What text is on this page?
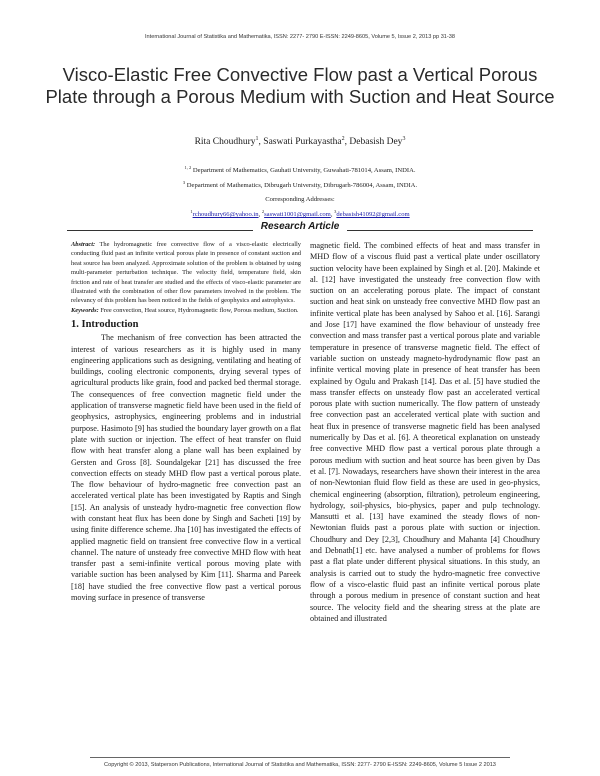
International Journal of Statistika and Mathematika, ISSN: 2277- 2790 E-ISSN: 2249-8605, Volume 5, Issue 2, 2013 pp 31-38
Visco-Elastic Free Convective Flow past a Vertical Porous Plate through a Porous Medium with Suction and Heat Source
Rita Choudhury$^1$, Saswati Purkayastha$^2$, Debasish Dey$^3$
$^{1, 2}$ Department of Mathematics, Gauhati University, Guwahati-781014, Assam, INDIA.
$^3$ Department of Mathematics, Dibrugarh University, Dibrugarh-786004, Assam, INDIA.
Corresponding Addresses:
$^1$rchoudhury66@yahoo.in, $^2$saswati1001@gmail.com, $^3$debasish41092@gmail.com
Research Article
Abstract: The hydromagnetic free convective flow of a visco-elastic electrically conducting fluid past an infinite vertical porous plate in presence of constant suction and heat source has been analyzed. Approximate solution of the problem is obtained by using multi-parameter perturbation technique. The velocity field, temperature field, skin friction and rate of heat transfer are studied and the effects of visco-elastic parameter are illustrated with the combination of other flow parameters involved in the problem. The relevancy of this problem has been noticed in the fields of geophysics and astrophysics.
Keywords: Free convection, Heat source, Hydromagnetic flow, Porous medium, Suction.
1. Introduction
The mechanism of free convection has been attracted the interest of various researchers as it is highly used in many engineering applications such as designing, ventilating and heating of buildings, cooling electronic components, drying several types of agricultural products like grain, food and packed bed thermal storage. The consequences of free convection magnetic field under the application of transverse magnetic field have been used in the field of geophysics, astrophysics, engineering problems and in industrial purpose. Hasimoto [9] has studied the boundary layer growth on a flat plate with suction or injection. The effect of heat transfer on fluid flow with heat transfer along a plane wall has been explained by Gersten and Gross [8]. Soundalgekar [21] has discussed the free convection effects on steady MHD flow past a vertical porous plate. The flow behaviour of hydro-magnetic free convection past an accelerated vertical plate has been investigated by Raptis and Singh [15]. An analysis of unsteady hydro-magnetic free convection flow with constant heat flux has been done by Singh and Sacheti [19] by using finite difference scheme. Jha [10] has investigated the effects of applied magnetic field on transient free convective flow in a vertical channel. The nature of unsteady free convective MHD flow with heat transfer past a semi-infinite vertical porous moving plate with variable suction has been analysed by Kim [11]. Sharma and Pareek [18] have studied the free convective flow past a vertical porous moving surface in presence of transverse
magnetic field. The combined effects of heat and mass transfer in MHD flow of a viscous fluid past a vertical plate under oscillatory suction velocity have been explained by Singh et al. [20]. Makinde et al. [12] have investigated the unsteady free convection flow with suction on an accelerating porous plate. The impact of constant suction and heat sink on unsteady free convective MHD flow past an infinite vertical plate has been analysed by Sahoo et al. [16]. Sarangi and Jose [17] have examined the flow behaviour of unsteady free convection and mass transfer past a vertical porous plate and variable temperature in presence of transverse magnetic field. The effect of variable suction on unsteady magneto-hydrodynamic flow past an infinite vertical moving plate in presence of heat transfer has been explained by Ogulu and Prakash [14]. Das et al. [5] have studied the mass transfer effects on unsteady flow past an accelerated vertical porous plate with suction numerically. The flow pattern of unsteady free convection past an accelerated vertical plate with suction and heat flux in presence of transverse magnetic field has been analysed numerically by Das et al. [6]. A theoretical explanation on unsteady free convective MHD flow past a vertical porous plate through a porous medium with suction and heat source has been given by Das et al. [7]. Nowadays, researchers have shown their interest in the area of non-Newtonian fluid flow field as these are used in geo-physics, chemical engineering (absorption, filtration), petroleum engineering, hydrology, soil-physics, bio-physics, paper and pulp technology. Mansutti et al. [13] have examined the steady flows of non-Newtonian fluids past a porous plate with suction or injection. Choudhury and Dey [2,3], Choudhury and Mahanta [4] Choudhury and Debnath[1] etc. have analysed a number of problems for flows past a flat plate under different physical situations. In this study, an analysis is carried out to study the hydro-magnetic free convective flow of a visco-elastic fluid past an infinite vertical porous plate through a porous medium in presence of constant suction and heat source. The velocity field and the shearing stress at the plate are obtained and illustrated
Copyright © 2013, Statperson Publications, International Journal of Statistika and Mathematika, ISSN: 2277- 2790 E-ISSN: 2249-8605, Volume 5 Issue 2 2013
